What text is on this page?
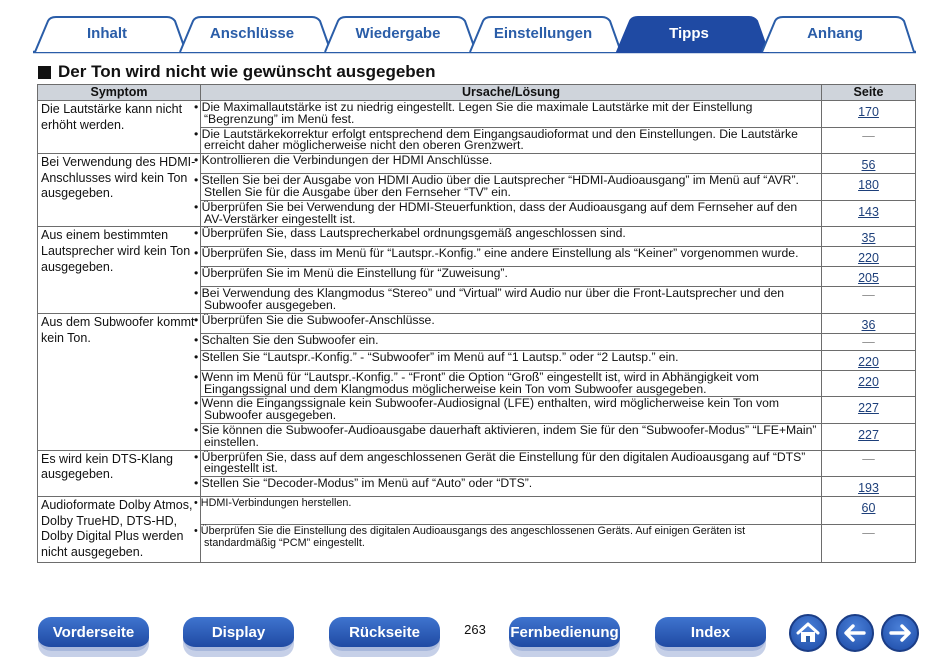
Inhalt	Anschlüsse	Wiedergabe	Einstellungen	Tipps	Anhang
Der Ton wird nicht wie gewünscht ausgegeben
Symptom	Ursache/Lösung	Seite
Die Lautstärke kann nicht erhöht werden.	• Die Maximallautstärke ist zu niedrig eingestellt. Legen Sie die maximale Lautstärke mit der Einstellung “Begrenzung” im Menü fest.	170
	• Die Lautstärkekorrektur erfolgt entsprechend dem Eingangsaudioformat und den Einstellungen. Die Lautstärke erreicht daher möglicherweise nicht den oberen Grenzwert.	—
Bei Verwendung des HDMI-Anschlusses wird kein Ton ausgegeben.	• Kontrollieren die Verbindungen der HDMI Anschlüsse.	56
	• Stellen Sie bei der Ausgabe von HDMI Audio über die Lautsprecher “HDMI-Audioausgang” im Menü auf “AVR”. Stellen Sie für die Ausgabe über den Fernseher “TV” ein.	180
	• Überprüfen Sie bei Verwendung der HDMI-Steuerfunktion, dass der Audioausgang auf dem Fernseher auf den AV-Verstärker eingestellt ist.	143
Aus einem bestimmten Lautsprecher wird kein Ton ausgegeben.	• Überprüfen Sie, dass Lautsprecherkabel ordnungsgemäß angeschlossen sind.	35
	• Überprüfen Sie, dass im Menü für “Lautspr.-Konfig.” eine andere Einstellung als “Keiner” vorgenommen wurde.	220
	• Überprüfen Sie im Menü die Einstellung für “Zuweisung”.	205
	• Bei Verwendung des Klangmodus “Stereo” und “Virtual” wird Audio nur über die Front-Lautsprecher und den Subwoofer ausgegeben.	—
Aus dem Subwoofer kommt kein Ton.	• Überprüfen Sie die Subwoofer-Anschlüsse.	36
	• Schalten Sie den Subwoofer ein.	—
	• Stellen Sie “Lautspr.-Konfig.” - “Subwoofer” im Menü auf “1 Lautsp.” oder “2 Lautsp.” ein.	220
	• Wenn im Menü für “Lautspr.-Konfig.” - “Front” die Option “Groß” eingestellt ist, wird in Abhängigkeit vom Eingangssignal und dem Klangmodus möglicherweise kein Ton vom Subwoofer ausgegeben.	220
	• Wenn die Eingangssignale kein Subwoofer-Audiosignal (LFE) enthalten, wird möglicherweise kein Ton vom Subwoofer ausgegeben.	227
	• Sie können die Subwoofer-Audioausgabe dauerhaft aktivieren, indem Sie für den “Subwoofer-Modus” “LFE+Main” einstellen.	227
Es wird kein DTS-Klang ausgegeben.	• Überprüfen Sie, dass auf dem angeschlossenen Gerät die Einstellung für den digitalen Audioausgang auf “DTS” eingestellt ist.	—
	• Stellen Sie “Decoder-Modus” im Menü auf “Auto” oder “DTS”.	193
Audioformate Dolby Atmos, Dolby TrueHD, DTS-HD, Dolby Digital Plus werden nicht ausgegeben.	• HDMI-Verbindungen herstellen.	60
	• Überprüfen Sie die Einstellung des digitalen Audioausgangs des angeschlossenen Geräts. Auf einigen Geräten ist standardmäßig “PCM” eingestellt.	—
Vorderseite	Display	Rückseite	263	Fernbedienung	Index
